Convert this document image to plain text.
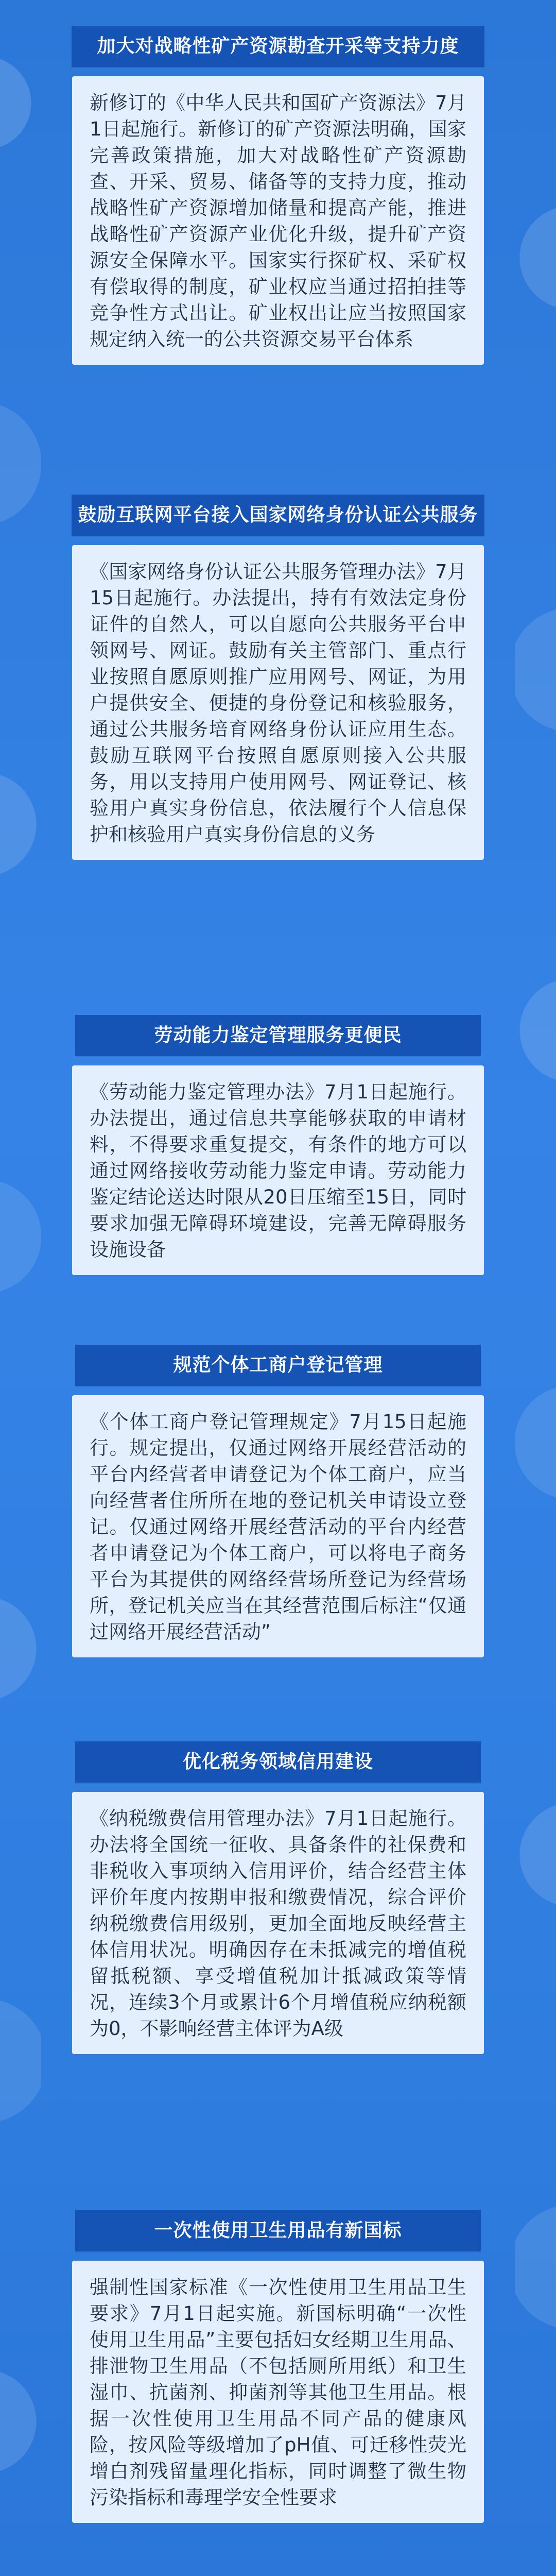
加大对战略性矿产资源勘查开采等支持力度

新修订的《中华人民共和国矿产资源法》7月1日起施行。新修订的矿产资源法明确，国家完善政策措施，加大对战略性矿产资源勘查、开采、贸易、储备等的支持力度，推动战略性矿产资源增加储量和提高产能，推进战略性矿产资源产业优化升级，提升矿产资源安全保障水平。国家实行探矿权、采矿权有偿取得的制度，矿业权应当通过招拍挂等竞争性方式出让。矿业权出让应当按照国家规定纳入统一的公共资源交易平台体系

鼓励互联网平台接入国家网络身份认证公共服务

《国家网络身份认证公共服务管理办法》7月15日起施行。办法提出，持有有效法定身份证件的自然人，可以自愿向公共服务平台申领网号、网证。鼓励有关主管部门、重点行业按照自愿原则推广应用网号、网证，为用户提供安全、便捷的身份登记和核验服务，通过公共服务培育网络身份认证应用生态。鼓励互联网平台按照自愿原则接入公共服务，用以支持用户使用网号、网证登记、核验用户真实身份信息，依法履行个人信息保护和核验用户真实身份信息的义务

劳动能力鉴定管理服务更便民

《劳动能力鉴定管理办法》7月1日起施行。办法提出，通过信息共享能够获取的申请材料，不得要求重复提交，有条件的地方可以通过网络接收劳动能力鉴定申请。劳动能力鉴定结论送达时限从20日压缩至15日，同时要求加强无障碍环境建设，完善无障碍服务设施设备

规范个体工商户登记管理

《个体工商户登记管理规定》7月15日起施行。规定提出，仅通过网络开展经营活动的平台内经营者申请登记为个体工商户，应当向经营者住所所在地的登记机关申请设立登记。仅通过网络开展经营活动的平台内经营者申请登记为个体工商户，可以将电子商务平台为其提供的网络经营场所登记为经营场所，登记机关应当在其经营范围后标注“仅通过网络开展经营活动”

优化税务领域信用建设

《纳税缴费信用管理办法》7月1日起施行。办法将全国统一征收、具备条件的社保费和非税收入事项纳入信用评价，结合经营主体评价年度内按期申报和缴费情况，综合评价纳税缴费信用级别，更加全面地反映经营主体信用状况。明确因存在未抵减完的增值税留抵税额、享受增值税加计抵减政策等情况，连续3个月或累计6个月增值税应纳税额为0，不影响经营主体评为A级

一次性使用卫生用品有新国标

强制性国家标准《一次性使用卫生用品卫生要求》7月1日起实施。新国标明确“一次性使用卫生用品”主要包括妇女经期卫生用品、排泄物卫生用品（不包括厕所用纸）和卫生湿巾、抗菌剂、抑菌剂等其他卫生用品。根据一次性使用卫生用品不同产品的健康风险，按风险等级增加了pH值、可迁移性荧光增白剂残留量理化指标，同时调整了微生物污染指标和毒理学安全性要求
